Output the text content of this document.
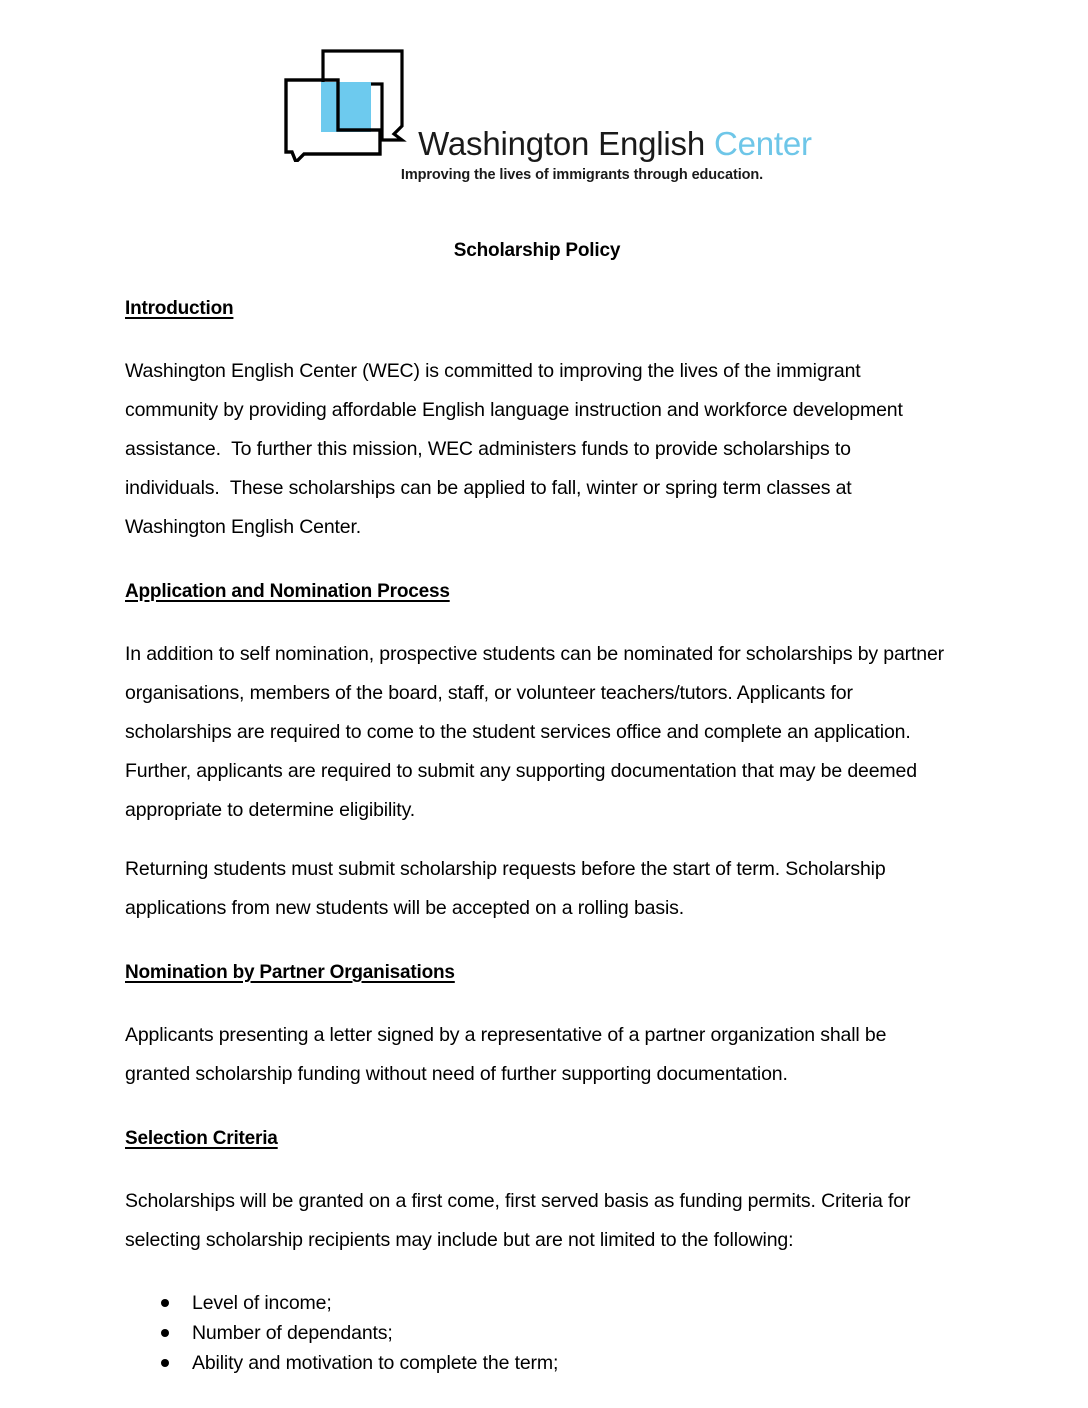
Washington English Center
Improving the lives of immigrants through education.
Scholarship Policy
Introduction

Washington English Center (WEC) is committed to improving the lives of the immigrant community by providing affordable English language instruction and workforce development assistance.  To further this mission, WEC administers funds to provide scholarships to individuals.  These scholarships can be applied to fall, winter or spring term classes at Washington English Center.

Application and Nomination Process

In addition to self nomination, prospective students can be nominated for scholarships by partner organisations, members of the board, staff, or volunteer teachers/tutors. Applicants for scholarships are required to come to the student services office and complete an application.  Further, applicants are required to submit any supporting documentation that may be deemed appropriate to determine eligibility.

Returning students must submit scholarship requests before the start of term. Scholarship applications from new students will be accepted on a rolling basis.

Nomination by Partner Organisations

Applicants presenting a letter signed by a representative of a partner organization shall be granted scholarship funding without need of further supporting documentation.

Selection Criteria

Scholarships will be granted on a first come, first served basis as funding permits. Criteria for selecting scholarship recipients may include but are not limited to the following:

Level of income;
Number of dependants;
Ability and motivation to complete the term;
